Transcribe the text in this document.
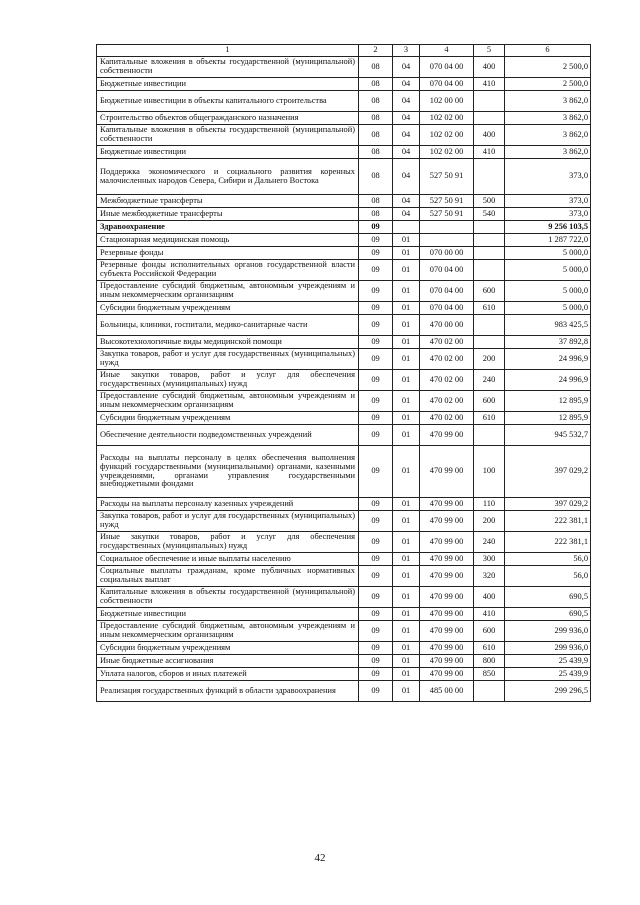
1	2	3	4	5	6
Капитальные вложения в объекты государственной (муниципальной) собственности	08	04	070 04 00	400	2 500,0
Бюджетные инвестиции	08	04	070 04 00	410	2 500,0
Бюджетные инвестиции в объекты капитального строительства	08	04	102 00 00		3 862,0
Строительство объектов общегражданского назначения	08	04	102 02 00		3 862,0
Капитальные вложения в объекты государственной (муниципальной) собственности	08	04	102 02 00	400	3 862,0
Бюджетные инвестиции	08	04	102 02 00	410	3 862,0
Поддержка экономического и социального развития коренных малочисленных народов Севера, Сибири и Дальнего Востока	08	04	527 50 91		373,0
Межбюджетные трансферты	08	04	527 50 91	500	373,0
Иные межбюджетные трансферты	08	04	527 50 91	540	373,0
Здравоохранение	09				9 256 103,5
Стационарная медицинская помощь	09	01			1 287 722,0
Резервные фонды	09	01	070 00 00		5 000,0
Резервные фонды исполнительных органов государственной власти субъекта Российской Федерации	09	01	070 04 00		5 000,0
Предоставление субсидий бюджетным, автономным учреждениям и иным некоммерческим организациям	09	01	070 04 00	600	5 000,0
Субсидии бюджетным учреждениям	09	01	070 04 00	610	5 000,0
Больницы, клиники, госпитали, медико-санитарные части	09	01	470 00 00		983 425,5
Высокотехнологичные виды медицинской помощи	09	01	470 02 00		37 892,8
Закупка товаров, работ и услуг для государственных (муниципальных) нужд	09	01	470 02 00	200	24 996,9
Иные закупки товаров, работ и услуг для обеспечения государственных (муниципальных) нужд	09	01	470 02 00	240	24 996,9
Предоставление субсидий бюджетным, автономным учреждениям и иным некоммерческим организациям	09	01	470 02 00	600	12 895,9
Субсидии бюджетным учреждениям	09	01	470 02 00	610	12 895,9
Обеспечение деятельности подведомственных учреждений	09	01	470 99 00		945 532,7
Расходы на выплаты персоналу в целях обеспечения выполнения функций государственными (муниципальными) органами, казенными учреждениями, органами управления государственными внебюджетными фондами	09	01	470 99 00	100	397 029,2
Расходы на выплаты персоналу казенных учреждений	09	01	470 99 00	110	397 029,2
Закупка товаров, работ и услуг для государственных (муниципальных) нужд	09	01	470 99 00	200	222 381,1
Иные закупки товаров, работ и услуг для обеспечения государственных (муниципальных) нужд	09	01	470 99 00	240	222 381,1
Социальное обеспечение и иные выплаты населению	09	01	470 99 00	300	56,0
Социальные выплаты гражданам, кроме публичных нормативных социальных выплат	09	01	470 99 00	320	56,0
Капитальные вложения в объекты государственной (муниципальной) собственности	09	01	470 99 00	400	690,5
Бюджетные инвестиции	09	01	470 99 00	410	690,5
Предоставление субсидий бюджетным, автономным учреждениям и иным некоммерческим организациям	09	01	470 99 00	600	299 936,0
Субсидии бюджетным учреждениям	09	01	470 99 00	610	299 936,0
Иные бюджетные ассигнования	09	01	470 99 00	800	25 439,9
Уплата налогов, сборов и иных платежей	09	01	470 99 00	850	25 439,9
Реализация государственных функций в области здравоохранения	09	01	485 00 00		299 296,5
42
